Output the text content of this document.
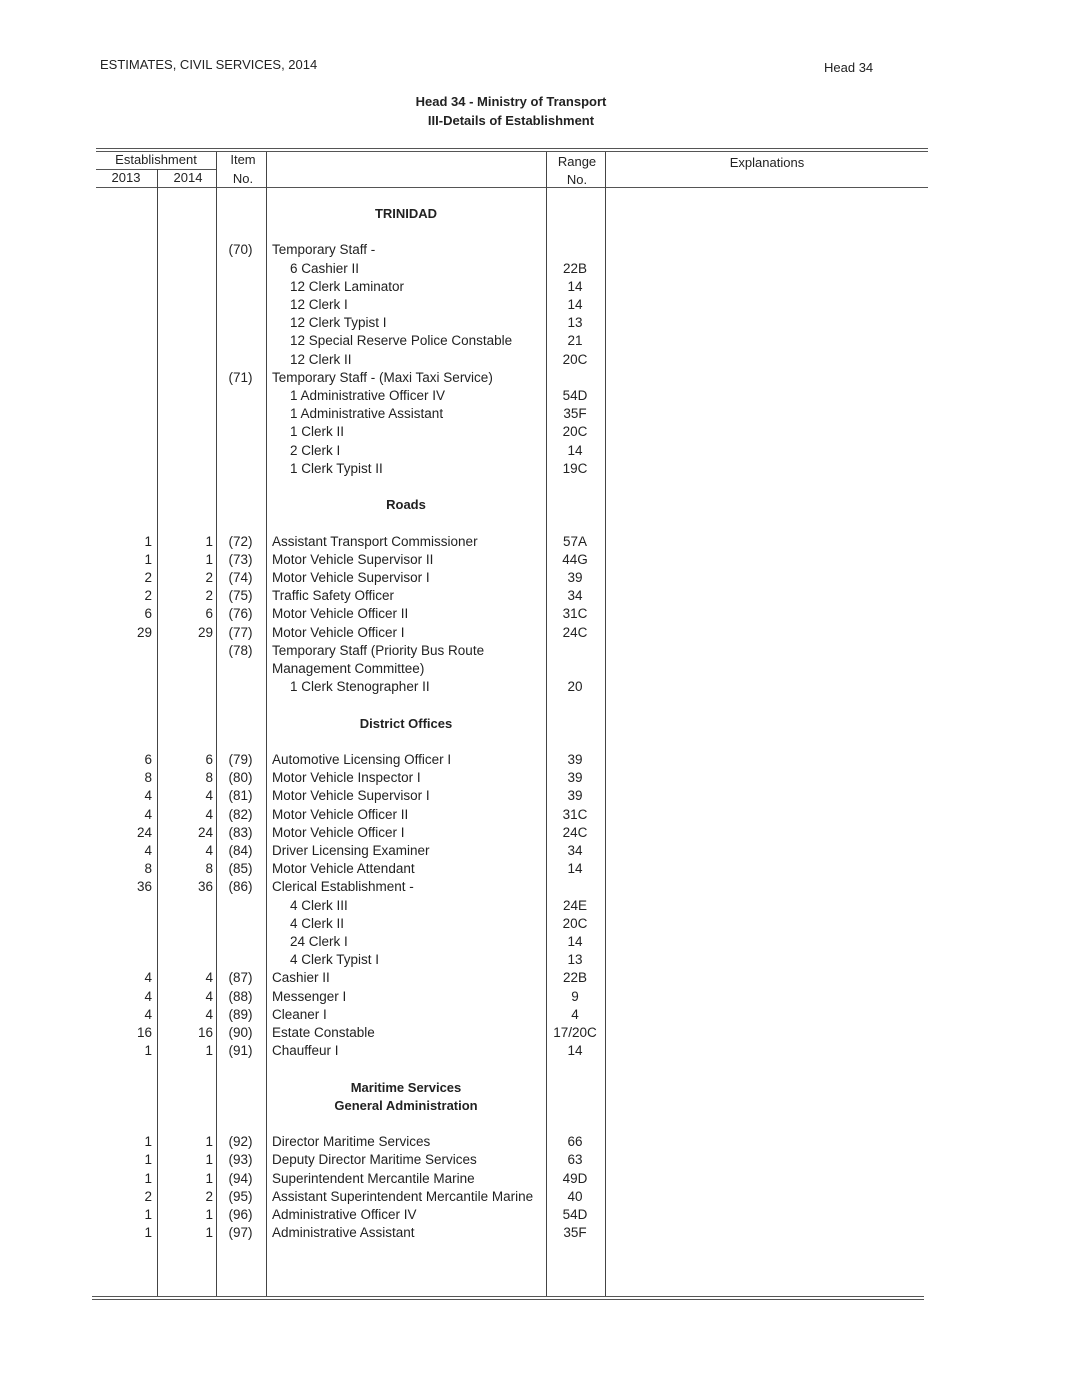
ESTIMATES, CIVIL SERVICES, 2014	Head 34
Head 34 - Ministry of Transport
III-Details of Establishment
Establishment
2013	2014
Item
No.
Range
No.
Explanations
TRINIDAD
(70)	Temporary Staff -
6 Cashier II	22B
12 Clerk Laminator	14
12 Clerk I	14
12 Clerk Typist I	13
12 Special Reserve Police Constable	21
12 Clerk II	20C
(71)	Temporary Staff - (Maxi Taxi Service)
1 Administrative Officer IV	54D
1 Administrative Assistant	35F
1 Clerk II	20C
2 Clerk I	14
1 Clerk Typist II	19C
Roads
1	1	(72)	Assistant Transport Commissioner	57A
1	1	(73)	Motor Vehicle Supervisor II	44G
2	2	(74)	Motor Vehicle Supervisor I	39
2	2	(75)	Traffic Safety Officer	34
6	6	(76)	Motor Vehicle Officer II	31C
29	29	(77)	Motor Vehicle Officer I	24C
(78)	Temporary Staff (Priority Bus Route
Management Committee)
1 Clerk Stenographer II	20
District Offices
6	6	(79)	Automotive Licensing Officer I	39
8	8	(80)	Motor Vehicle Inspector I	39
4	4	(81)	Motor Vehicle Supervisor I	39
4	4	(82)	Motor Vehicle Officer II	31C
24	24	(83)	Motor Vehicle Officer I	24C
4	4	(84)	Driver Licensing Examiner	34
8	8	(85)	Motor Vehicle Attendant	14
36	36	(86)	Clerical Establishment -
4 Clerk III	24E
4 Clerk II	20C
24 Clerk I	14
4 Clerk Typist I	13
4	4	(87)	Cashier II	22B
4	4	(88)	Messenger I	9
4	4	(89)	Cleaner I	4
16	16	(90)	Estate Constable	17/20C
1	1	(91)	Chauffeur I	14
Maritime Services
General Administration
1	1	(92)	Director Maritime Services	66
1	1	(93)	Deputy Director Maritime Services	63
1	1	(94)	Superintendent Mercantile Marine	49D
2	2	(95)	Assistant Superintendent Mercantile Marine	40
1	1	(96)	Administrative Officer IV	54D
1	1	(97)	Administrative Assistant	35F
